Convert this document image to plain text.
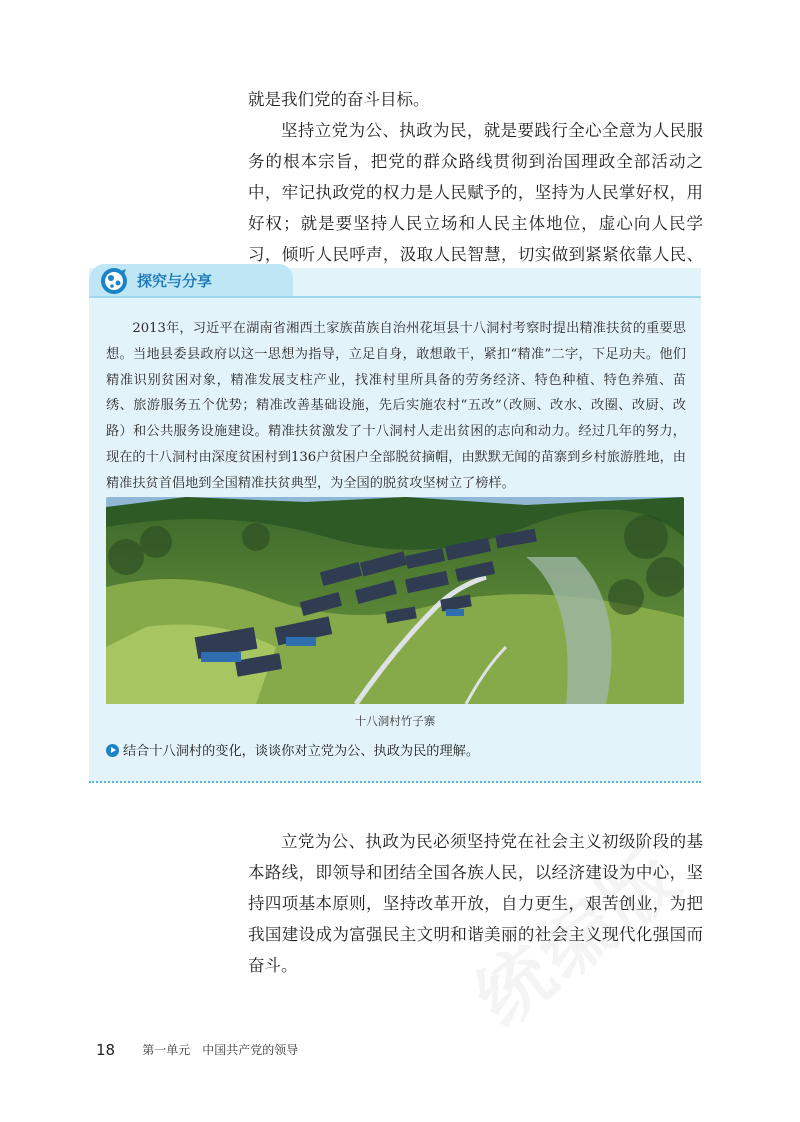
就是我们党的奋斗目标。

坚持立党为公、执政为民，就是要践行全心全意为人民服务的根本宗旨，把党的群众路线贯彻到治国理政全部活动之中，牢记执政党的权力是人民赋予的，坚持为人民掌好权，用好权；就是要坚持人民立场和人民主体地位，虚心向人民学习，倾听人民呼声，汲取人民智慧，切实做到紧紧依靠人民、

探究与分享

2013年，习近平在湖南省湘西土家族苗族自治州花垣县十八洞村考察时提出精准扶贫的重要思想。当地县委县政府以这一思想为指导，立足自身，敢想敢干，紧扣“精准”二字，下足功夫。他们精准识别贫困对象，精准发展支柱产业，找准村里所具备的劳务经济、特色种植、特色养殖、苗绣、旅游服务五个优势；精准改善基础设施，先后实施农村“五改”（改厕、改水、改圈、改厨、改路）和公共服务设施建设。精准扶贫激发了十八洞村人走出贫困的志向和动力。经过几年的努力，现在的十八洞村由深度贫困村到136户贫困户全部脱贫摘帽，由默默无闻的苗寨到乡村旅游胜地，由精准扶贫首倡地到全国精准扶贫典型，为全国的脱贫攻坚树立了榜样。

十八洞村竹子寨
结合十八洞村的变化，谈谈你对立党为公、执政为民的理解。

立党为公、执政为民必须坚持党在社会主义初级阶段的基本路线，即领导和团结全国各族人民，以经济建设为中心，坚持四项基本原则，坚持改革开放，自力更生，艰苦创业，为把我国建设成为富强民主文明和谐美丽的社会主义现代化强国而奋斗。

18 第一单元　中国共产党的领导
